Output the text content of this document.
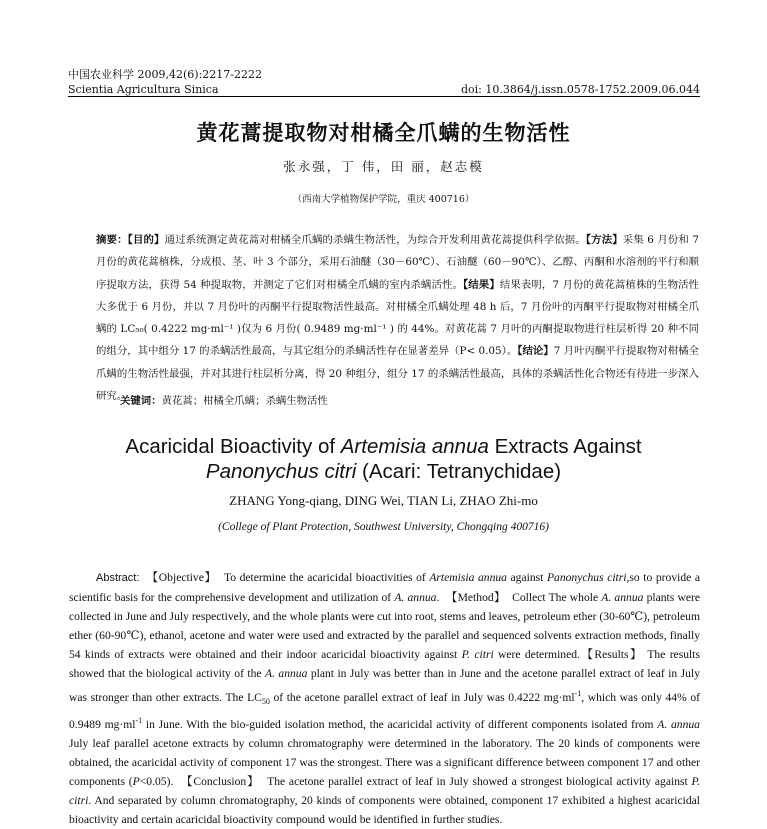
中国农业科学 2009,42(6):2217-2222
Scientia Agricultura Sinica	doi: 10.3864/j.issn.0578-1752.2009.06.044
黄花蒿提取物对柑橘全爪螨的生物活性
张永强，丁 伟，田 丽，赵志模
（西南大学植物保护学院，重庆 400716）
摘要：【目的】通过系统测定黄花蒿对柑橘全爪螨的杀螨生物活性，为综合开发利用黄花蒿提供科学依据。【方法】采集 6 月份和 7 月份的黄花蒿植株，分成根、茎、叶 3 个部分，采用石油醚（30－60℃）、石油醚（60－90℃）、乙醇、丙酮和水溶剂的平行和顺序提取方法，获得 54 种提取物，并测定了它们对柑橘全爪螨的室内杀螨活性。【结果】结果表明，7 月份的黄花蒿植株的生物活性大多优于 6 月份，并以 7 月份叶的丙酮平行提取物活性最高。对柑橘全爪螨处理 48 h 后，7 月份叶的丙酮平行提取物对柑橘全爪螨的 LC₅₀( 0.4222 mg·ml⁻¹ )仅为 6 月份( 0.9489 mg·ml⁻¹ ) 的 44%。对黄花蒿 7 月叶的丙酮提取物进行柱层析得 20 种不同的组分，其中组分 17 的杀螨活性最高，与其它组分的杀螨活性存在显著差异（P< 0.05）。【结论】7 月叶丙酮平行提取物对柑橘全爪螨的生物活性最强，并对其进行柱层析分离，得 20 种组分，组分 17 的杀螨活性最高，具体的杀螨活性化合物还有待进一步深入研究。
关键词：黄花蒿；柑橘全爪螨；杀螨生物活性
Acaricidal Bioactivity of Artemisia annua Extracts Against
Panonychus citri (Acari: Tetranychidae)
ZHANG Yong-qiang, DING Wei, TIAN Li, ZHAO Zhi-mo
(College of Plant Protection, Southwest University, Chongqing 400716)
Abstract: 【Objective】 To determine the acaricidal bioactivities of Artemisia annua against Panonychus citri,so to provide a scientific basis for the comprehensive development and utilization of A. annua. 【Method】 Collect The whole A. annua plants were collected in June and July respectively, and the whole plants were cut into root, stems and leaves, petroleum ether (30-60℃), petroleum ether (60-90℃), ethanol, acetone and water were used and extracted by the parallel and sequenced solvents extraction methods, finally 54 kinds of extracts were obtained and their indoor acaricidal bioactivity against P. citri were determined.【Results】 The results showed that the biological activity of the A. annua plant in July was better than in June and the acetone parallel extract of leaf in July was stronger than other extracts. The $LC_{50}$ of the acetone parallel extract of leaf in July was 0.4222 $mg\cdot ml^{-1}$, which was only 44% of 0.9489 $mg\cdot ml^{-1}$ in June. With the bio-guided isolation method, the acaricidal activity of different components isolated from A. annua July leaf parallel acetone extracts by column chromatography were determined in the laboratory. The 20 kinds of components were obtained, the acaricidal activity of component 17 was the strongest. There was a significant difference between component 17 and other components (P<0.05). 【Conclusion】 The acetone parallel extract of leaf in July showed a strongest biological activity against P. citri. And separated by column chromatography, 20 kinds of components were obtained, component 17 exhibited a highest acaricidal bioactivity and certain acaricidal bioactivity compound would be identified in further studies.
